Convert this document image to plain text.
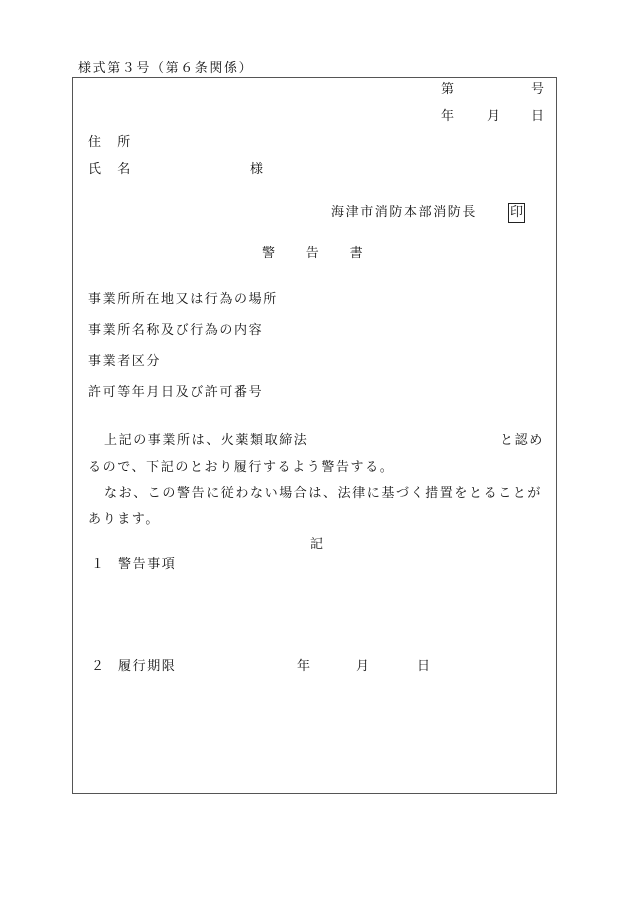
様式第３号（第６条関係）
第	号
年 月 日
住　所
氏　名	様
海津市消防本部消防長	印
警　　告　　書
事業所所在地又は行為の場所
事業所名称及び行為の内容
事業者区分
許可等年月日及び許可番号
上記の事業所は、火薬類取締法	と認め
るので、下記のとおり履行するよう警告する。
なお、この警告に従わない場合は、法律に基づく措置をとることが
あります。
記
１ 警告事項
２ 履行期限	年	月	日
